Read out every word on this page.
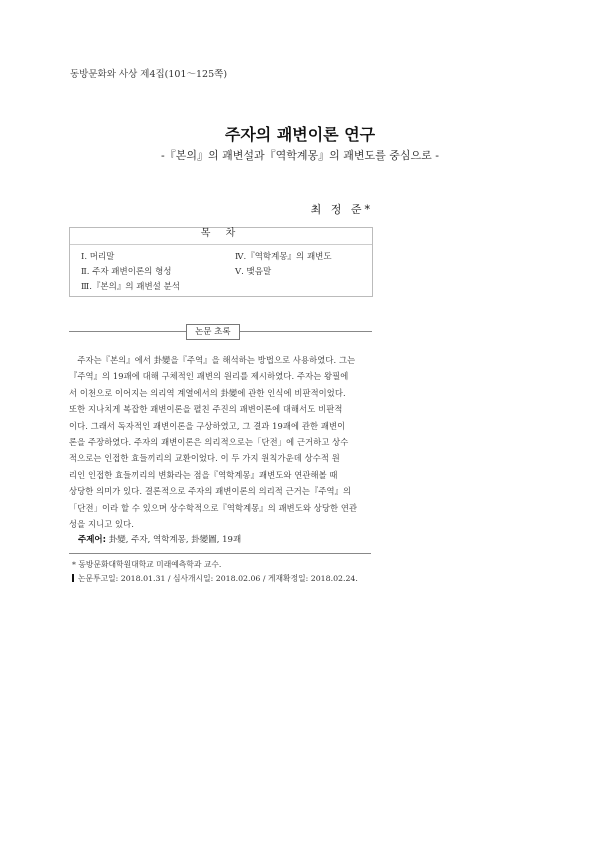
동방문화와 사상 제4집(101～125쪽)
주자의 괘변이론 연구
-『본의』의 괘변설과『역학계몽』의 괘변도를 중심으로 -
최 정 준*
목 차
Ⅰ. 머리말
Ⅱ. 주자 괘변이론의 형성
Ⅲ.『본의』의 괘변설 분석
Ⅳ.『역학계몽』의 괘변도
Ⅴ. 맺음말
논문 초록
　주자는『본의』에서 卦變을『주역』을 해석하는 방법으로 사용하였다. 그는
『주역』의 19괘에 대해 구체적인 괘변의 원리를 제시하였다. 주자는 왕필에
서 이천으로 이어지는 의리역 계열에서의 卦變에 관한 인식에 비판적이었다.
또한 지나치게 복잡한 괘변이론을 펼친 주진의 괘변이론에 대해서도 비판적
이다. 그래서 독자적인 괘변이론을 구상하였고, 그 결과 19괘에 관한 괘변이
론을 주장하였다. 주자의 괘변이론은 의리적으로는「단전」에 근거하고 상수
적으로는 인접한 효들끼리의 교환이었다. 이 두 가지 원칙가운데 상수적 원
리인 인접한 효들끼리의 변화라는 점을『역학계몽』괘변도와 연관해볼 때
상당한 의미가 있다. 결론적으로 주자의 괘변이론의 의리적 근거는『주역』의
「단전」이라 할 수 있으며 상수학적으로『역학계몽』의 괘변도와 상당한 연관
성을 지니고 있다.
주제어: 卦變, 주자, 역학계몽, 卦變圖, 19괘
* 동방문화대학원대학교 미래예측학과 교수.
논문투고일: 2018.01.31 / 심사개시일: 2018.02.06 / 게재확정일: 2018.02.24.
